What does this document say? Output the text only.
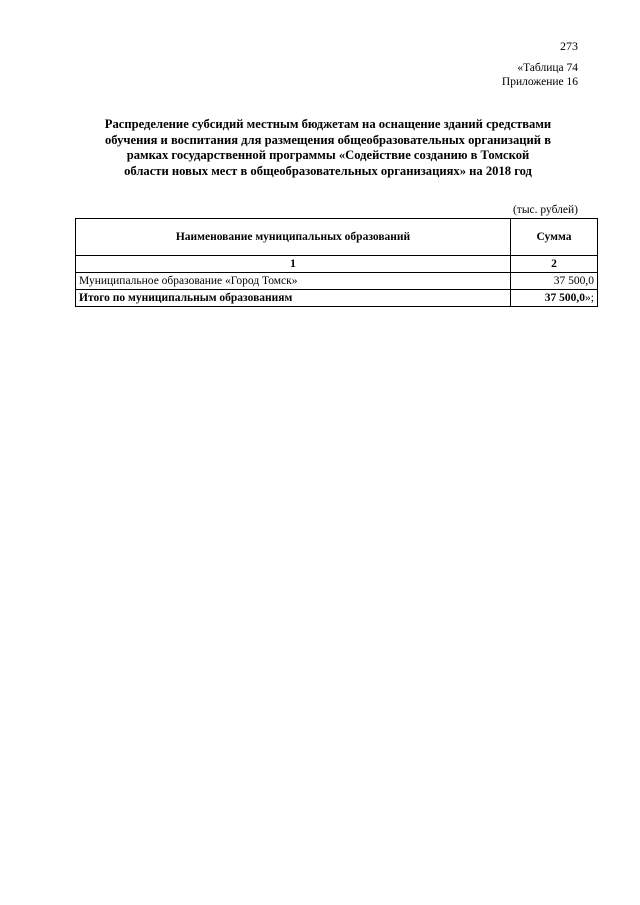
273
«Таблица 74
Приложение 16
Распределение субсидий местным бюджетам на оснащение зданий средствами
обучения и воспитания для размещения общеобразовательных организаций в
рамках государственной программы «Содействие созданию в Томской
области новых мест в общеобразовательных организациях» на 2018 год
(тыс. рублей)
Наименование муниципальных образований	Сумма
1	2
Муниципальное образование «Город Томск»	37 500,0
Итого по муниципальным образованиям	37 500,0»;
